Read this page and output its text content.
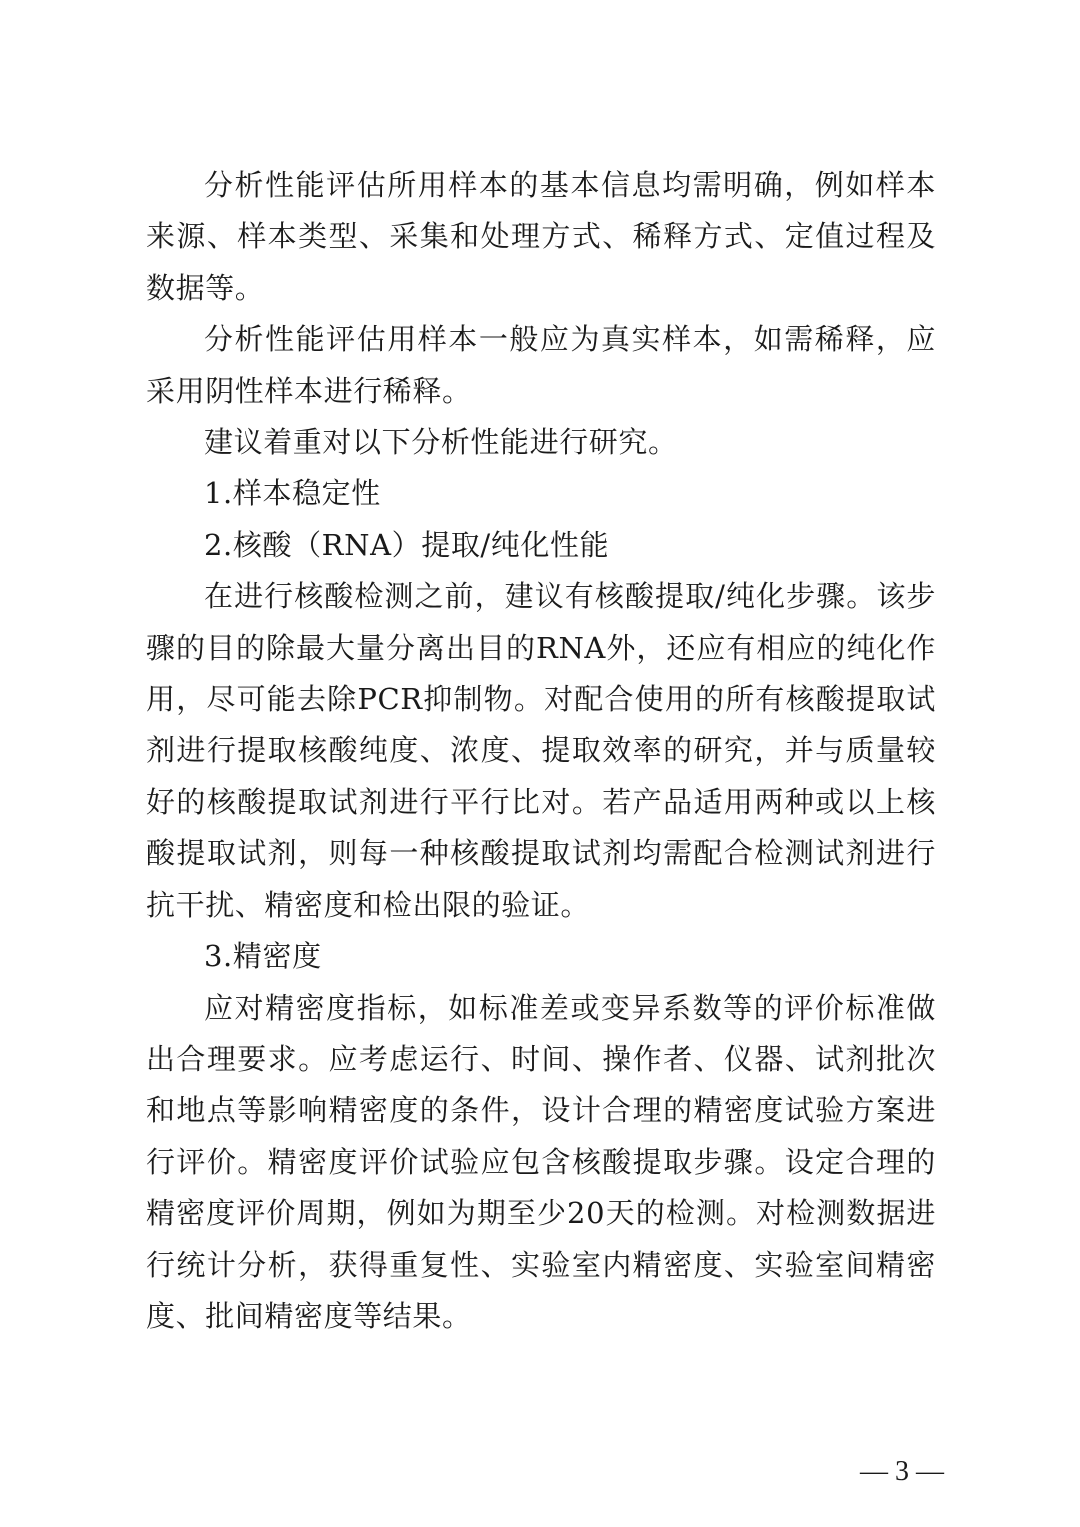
分析性能评估所用样本的基本信息均需明确，例如样本来源、样本类型、采集和处理方式、稀释方式、定值过程及数据等。

分析性能评估用样本一般应为真实样本，如需稀释，应采用阴性样本进行稀释。

建议着重对以下分析性能进行研究。

1.样本稳定性

2.核酸（RNA）提取/纯化性能

在进行核酸检测之前，建议有核酸提取/纯化步骤。该步骤的目的除最大量分离出目的RNA外，还应有相应的纯化作用，尽可能去除PCR抑制物。对配合使用的所有核酸提取试剂进行提取核酸纯度、浓度、提取效率的研究，并与质量较好的核酸提取试剂进行平行比对。若产品适用两种或以上核酸提取试剂，则每一种核酸提取试剂均需配合检测试剂进行抗干扰、精密度和检出限的验证。

3.精密度

应对精密度指标，如标准差或变异系数等的评价标准做出合理要求。应考虑运行、时间、操作者、仪器、试剂批次和地点等影响精密度的条件，设计合理的精密度试验方案进行评价。精密度评价试验应包含核酸提取步骤。设定合理的精密度评价周期，例如为期至少20天的检测。对检测数据进行统计分析，获得重复性、实验室内精密度、实验室间精密度、批间精密度等结果。

— 3 —
